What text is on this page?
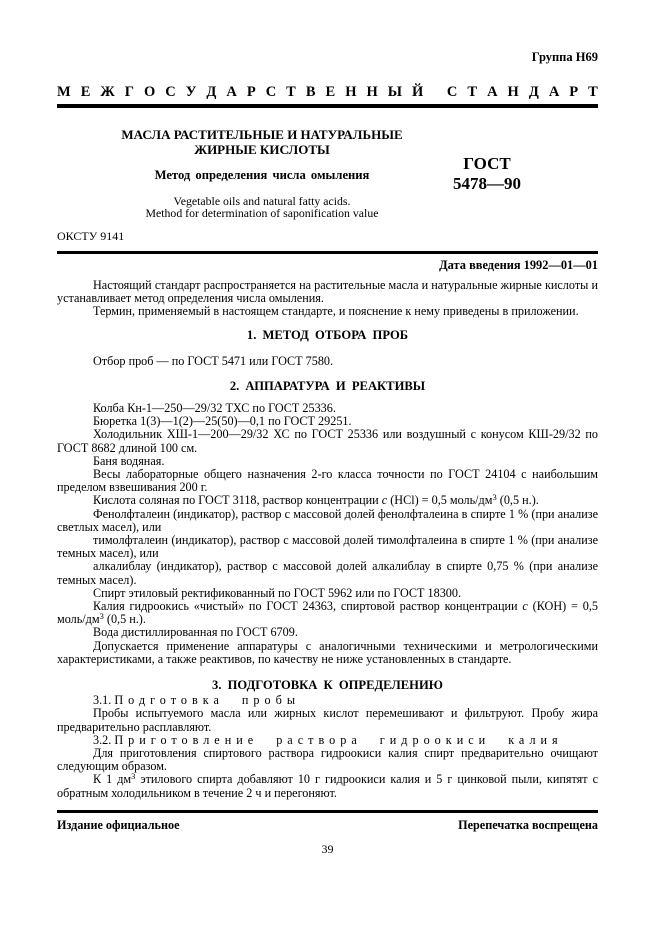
Группа Н69
М Е Ж Г О С У Д А Р С Т В Е Н Н Ы Й
С Т А Н Д А Р Т
МАСЛА РАСТИТЕЛЬНЫЕ И НАТУРАЛЬНЫЕ
ЖИРНЫЕ КИСЛОТЫ
Метод определения числа омыления
Vegetable oils and natural fatty acids.
Method for determination of saponification value
ГОСТ
5478—90
ОКСТУ 9141
Дата введения 1992—01—01

Настоящий стандарт распространяется на растительные масла и натуральные жирные кислоты и устанавливает метод определения числа омыления.

Термин, применяемый в настоящем стандарте, и пояснение к нему приведены в приложении.

1. МЕТОД ОТБОРА ПРОБ

Отбор проб — по ГОСТ 5471 или ГОСТ 7580.

2. АППАРАТУРА И РЕАКТИВЫ

Колба Кн-1—250—29/32 ТХС по ГОСТ 25336.

Бюретка 1(3)—1(2)—25(50)—0,1 по ГОСТ 29251.

Холодильник ХШ-1—200—29/32 ХС по ГОСТ 25336 или воздушный с конусом КШ-29/32 по ГОСТ 8682 длиной 100 см.

Баня водяная.

Весы лабораторные общего назначения 2-го класса точности по ГОСТ 24104 с наибольшим пределом взвешивания 200 г.

Кислота соляная по ГОСТ 3118, раствор концентрации с (HCl) = 0,5 моль/$дм^3$ (0,5 н.).

Фенолфталеин (индикатор), раствор с массовой долей фенолфталеина в спирте 1 % (при анализе светлых масел), или

тимолфталеин (индикатор), раствор с массовой долей тимолфталеина в спирте 1 % (при анализе темных масел), или

алкалиблау (индикатор), раствор с массовой долей алкалиблау в спирте 0,75 % (при анализе темных масел).

Спирт этиловый ректификованный по ГОСТ 5962 или по ГОСТ 18300.

Калия гидроокись «чистый» по ГОСТ 24363, спиртовой раствор концентрации с (КОН) = 0,5 моль/$дм^3$ (0,5 н.).

Вода дистиллированная по ГОСТ 6709.

Допускается применение аппаратуры с аналогичными техническими и метрологическими характеристиками, а также реактивов, по качеству не ниже установленных в стандарте.

3. ПОДГОТОВКА К ОПРЕДЕЛЕНИЮ

3.1. Подготовка пробы

Пробы испытуемого масла или жирных кислот перемешивают и фильтруют. Пробу жира предварительно расплавляют.

3.2. Приготовление раствора гидроокиси калия

Для приготовления спиртового раствора гидроокиси калия спирт предварительно очищают следующим образом.

К 1 $дм^3$ этилового спирта добавляют 10 г гидроокиси калия и 5 г цинковой пыли, кипятят с обратным холодильником в течение 2 ч и перегоняют.

Издание официальное	Перепечатка воспрещена
39
